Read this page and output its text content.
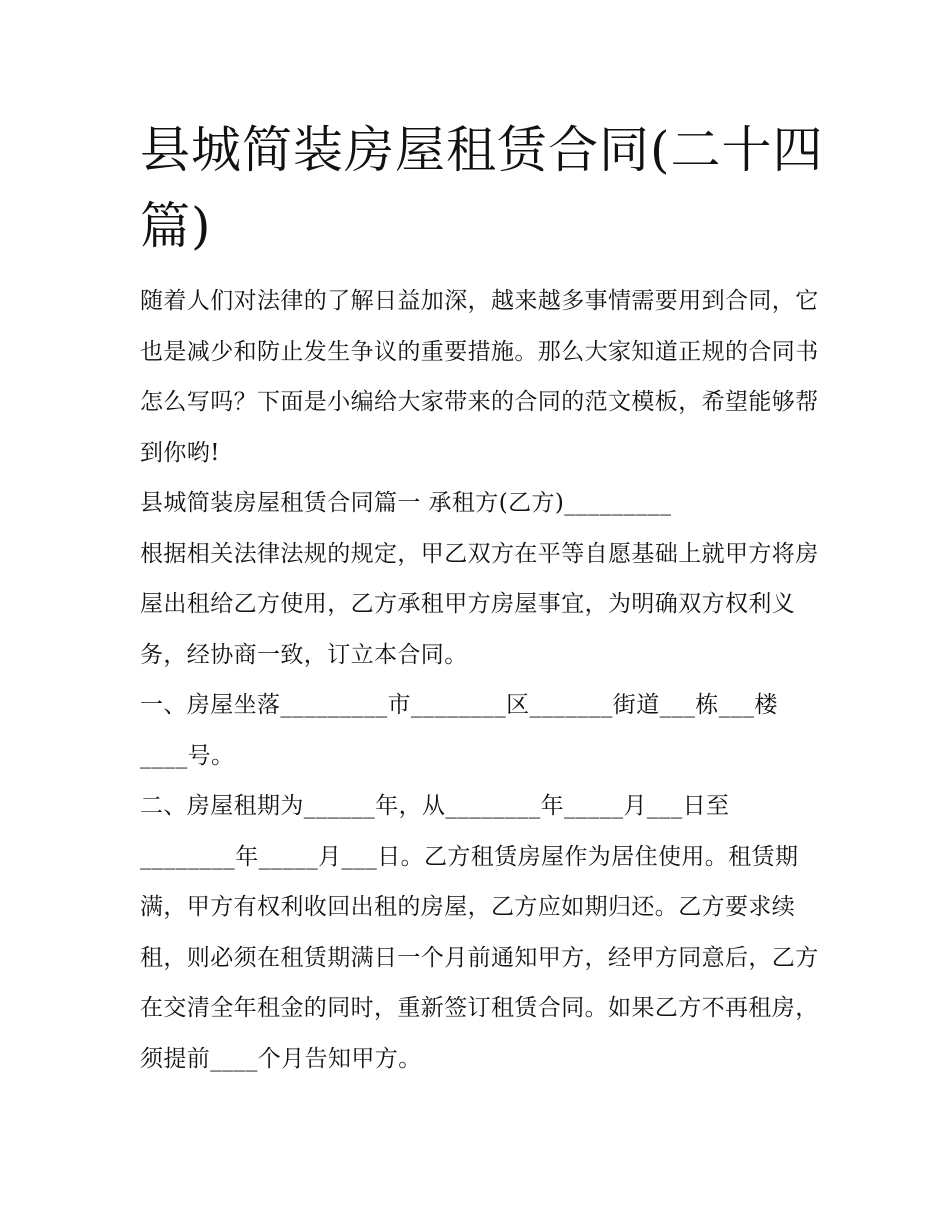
县城简装房屋租赁合同(二十四篇)

随着人们对法律的了解日益加深，越来越多事情需要用到合同，它也是减少和防止发生争议的重要措施。那么大家知道正规的合同书怎么写吗？下面是小编给大家带来的合同的范文模板，希望能够帮到你哟!

县城简装房屋租赁合同篇一 承租方(乙方)_________

根据相关法律法规的规定，甲乙双方在平等自愿基础上就甲方将房屋出租给乙方使用，乙方承租甲方房屋事宜，为明确双方权利义务，经协商一致，订立本合同。

一、房屋坐落_________市________区_______街道___栋___楼____号。

二、房屋租期为______年，从________年_____月___日至________年_____月___日。乙方租赁房屋作为居住使用。租赁期满，甲方有权利收回出租的房屋，乙方应如期归还。乙方要求续租，则必须在租赁期满日一个月前通知甲方，经甲方同意后，乙方在交清全年租金的同时，重新签订租赁合同。如果乙方不再租房，须提前____个月告知甲方。
